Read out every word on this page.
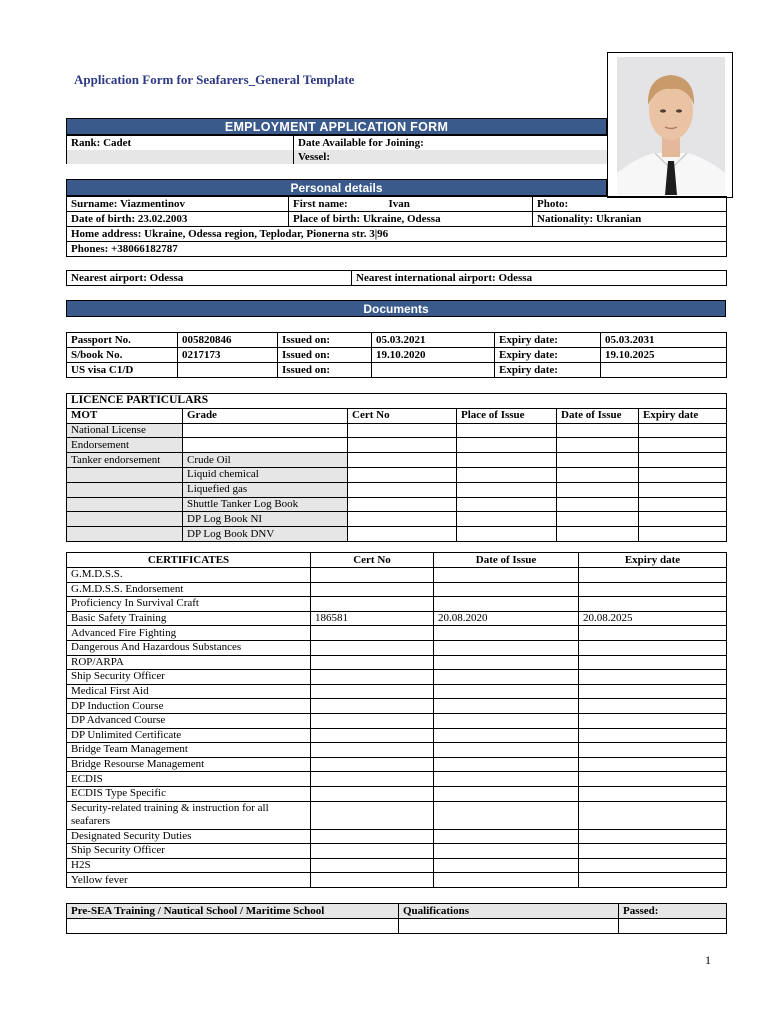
Application Form for Seafarers_General Template
EMPLOYMENT APPLICATION FORM
Rank: Cadet	Date Available for Joining:
	Vessel:
Personal details
Surname: Viazmentinov	First name: Ivan	Photo:
Date of birth: 23.02.2003	Place of birth: Ukraine, Odessa	Nationality: Ukranian
Home address: Ukraine, Odessa region, Teplodar, Pionerna str. 3|96		
Phones: +38066182787		
Nearest airport: Odessa	Nearest international airport: Odessa
Documents
Passport No.	005820846	Issued on:	05.03.2021	Expiry date:	05.03.2031
S/book No.	0217173	Issued on:	19.10.2020	Expiry date:	19.10.2025
US visa C1/D		Issued on:		Expiry date:	
LICENCE PARTICULARS					
MOT	Grade	Cert No	Place of Issue	Date of Issue	Expiry date
National License					
Endorsement					
Tanker endorsement	Crude Oil				
	Liquid chemical				
	Liquefied gas				
	Shuttle Tanker Log Book				
	DP Log Book NI				
	DP Log Book DNV				
CERTIFICATES	Cert No	Date of Issue	Expiry date
G.M.D.S.S.			
G.M.D.S.S. Endorsement			
Proficiency In Survival Craft			
Basic Safety Training	186581	20.08.2020	20.08.2025
Advanced Fire Fighting			
Dangerous And Hazardous Substances			
ROP/ARPA			
Ship Security Officer			
Medical First Aid			
DP Induction Course			
DP Advanced Course			
DP Unlimited Certificate			
Bridge Team Management			
Bridge Resourse Management			
ECDIS			
ECDIS Type Specific			

Security-related training & instruction for all
seafarers			

Designated Security Duties			
Ship Security Officer			
H2S			
Yellow fever			
Pre-SEA Training / Nautical School / Maritime School	Qualifications	Passed:

1
